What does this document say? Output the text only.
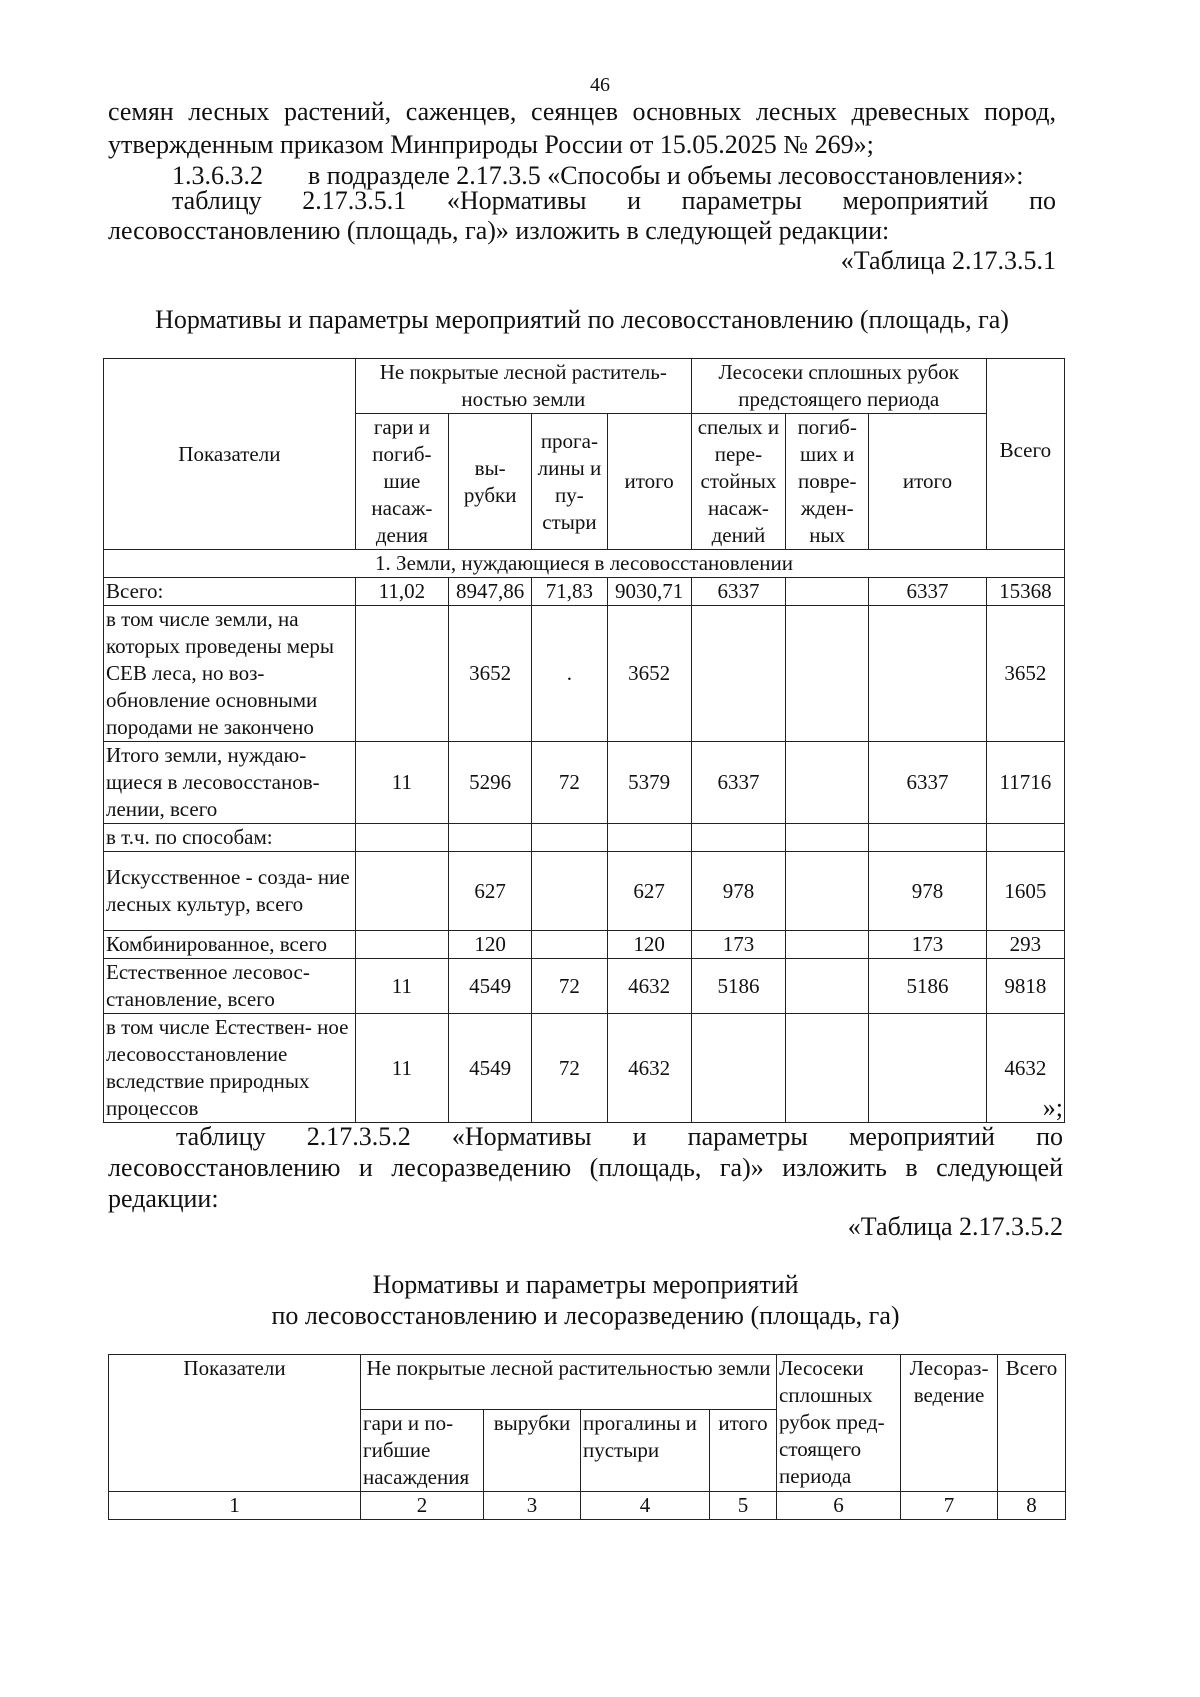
46
семян лесных растений, саженцев, сеянцев основных лесных древесных пород,
утвержденным приказом Минприроды России от 15.05.2025 № 269»;
1.3.6.3.2 в подразделе 2.17.3.5 «Способы и объемы лесовосстановления»:
таблицу 2.17.3.5.1 «Нормативы и параметры мероприятий по
лесовосстановлению (площадь, га)» изложить в следующей редакции:
«Таблица 2.17.3.5.1
Нормативы и параметры мероприятий по лесовосстановлению (площадь, га)
Показатели	Не покрытые лесной раститель- ностью земли				Лесосеки сплошных рубок предстоящего периода			Всего
	гари и погиб- шие насаж- дения	вы- рубки	прога- лины и пу- стыри	итого	спелых и пере- стойных насаж- дений	погиб- ших и повре- жден- ных	итого	
1. Земли, нуждающиеся в лесовосстановлении								
Всего:	11,02	8947,86	71,83	9030,71	6337		6337	15368
в том числе земли, на которых проведены меры СЕВ леса, но воз- обновление основными породами не закончено		3652	.	3652				3652
Итого земли, нуждаю- щиеся в лесовосстанов- лении, всего	11	5296	72	5379	6337		6337	11716
в т.ч. по способам:								
Искусственное - созда- ние лесных культур, всего		627		627	978		978	1605
Комбинированное, всего		120		120	173		173	293
Естественное лесовос- становление, всего	11	4549	72	4632	5186		5186	9818
в том числе Естествен- ное лесовосстановление вследствие природных процессов	11	4549	72	4632				4632
»;
таблицу 2.17.3.5.2 «Нормативы и параметры мероприятий по
лесовосстановлению и лесоразведению (площадь, га)» изложить в следующей
редакции:
«Таблица 2.17.3.5.2
Нормативы и параметры мероприятий
по лесовосстановлению и лесоразведению (площадь, га)
Показатели	Не покрытые лесной растительностью земли				Лесосеки сплошных рубок пред- стоящего периода	Лесораз- ведение	Всего
	гари и по- гибшие насаждения	вырубки	прогалины и пустыри	итого			
1	2	3	4	5	6	7	8
